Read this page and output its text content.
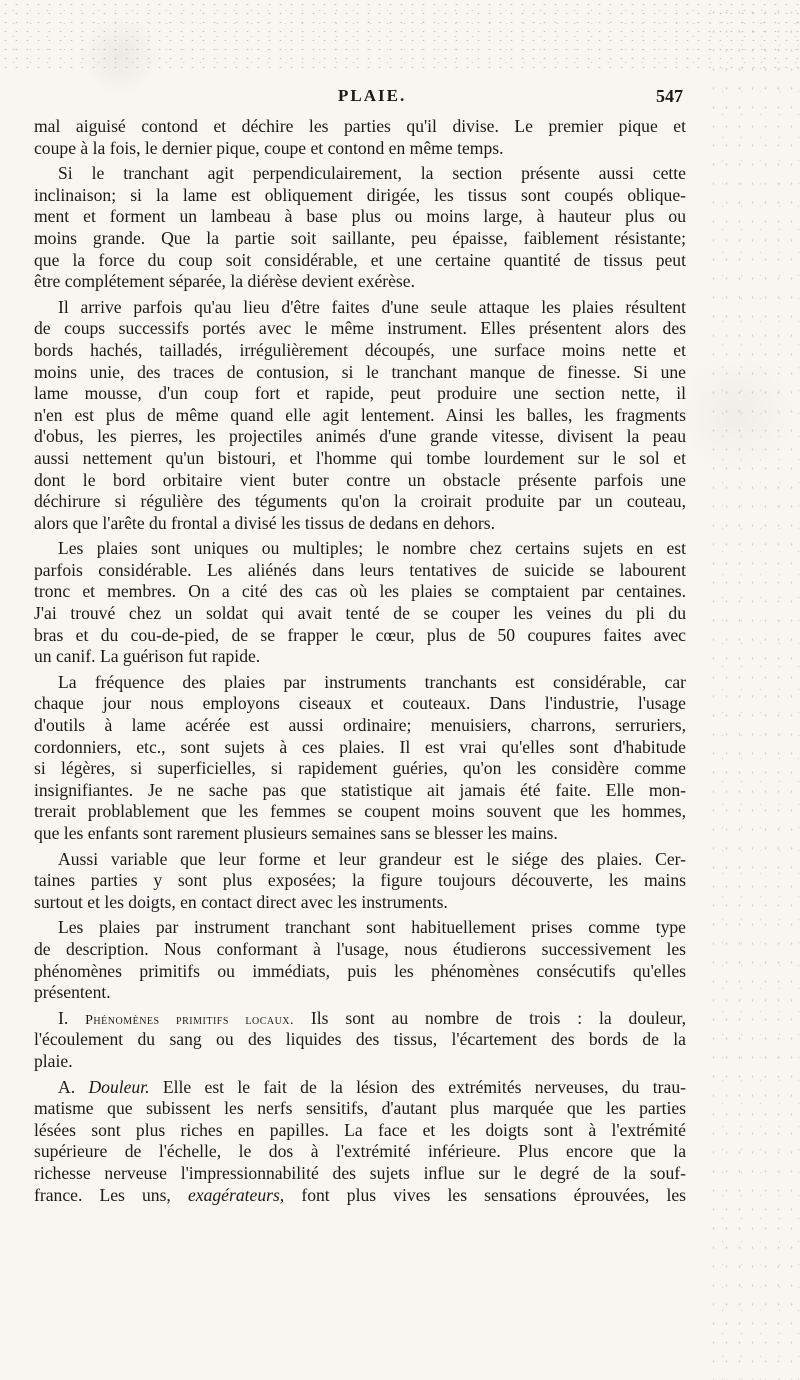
PLAIE.	547
mal aiguisé contond et déchire les parties qu'il divise. Le premier pique et
coupe à la fois, le dernier pique, coupe et contond en même temps.
Si le tranchant agit perpendiculairement, la section présente aussi cette
inclinaison; si la lame est obliquement dirigée, les tissus sont coupés oblique-
ment et forment un lambeau à base plus ou moins large, à hauteur plus ou
moins grande. Que la partie soit saillante, peu épaisse, faiblement résistante;
que la force du coup soit considérable, et une certaine quantité de tissus peut
être complétement séparée, la diérèse devient exérèse.
Il arrive parfois qu'au lieu d'être faites d'une seule attaque les plaies résultent
de coups successifs portés avec le même instrument. Elles présentent alors des
bords hachés, tailladés, irrégulièrement découpés, une surface moins nette et
moins unie, des traces de contusion, si le tranchant manque de finesse. Si une
lame mousse, d'un coup fort et rapide, peut produire une section nette, il
n'en est plus de même quand elle agit lentement. Ainsi les balles, les fragments
d'obus, les pierres, les projectiles animés d'une grande vitesse, divisent la peau
aussi nettement qu'un bistouri, et l'homme qui tombe lourdement sur le sol et
dont le bord orbitaire vient buter contre un obstacle présente parfois une
déchirure si régulière des téguments qu'on la croirait produite par un couteau,
alors que l'arête du frontal a divisé les tissus de dedans en dehors.
Les plaies sont uniques ou multiples; le nombre chez certains sujets en est
parfois considérable. Les aliénés dans leurs tentatives de suicide se labourent
tronc et membres. On a cité des cas où les plaies se comptaient par centaines.
J'ai trouvé chez un soldat qui avait tenté de se couper les veines du pli du
bras et du cou-de-pied, de se frapper le cœur, plus de 50 coupures faites avec
un canif. La guérison fut rapide.
La fréquence des plaies par instruments tranchants est considérable, car
chaque jour nous employons ciseaux et couteaux. Dans l'industrie, l'usage
d'outils à lame acérée est aussi ordinaire; menuisiers, charrons, serruriers,
cordonniers, etc., sont sujets à ces plaies. Il est vrai qu'elles sont d'habitude
si légères, si superficielles, si rapidement guéries, qu'on les considère comme
insignifiantes. Je ne sache pas que statistique ait jamais été faite. Elle mon-
trerait problablement que les femmes se coupent moins souvent que les hommes,
que les enfants sont rarement plusieurs semaines sans se blesser les mains.
Aussi variable que leur forme et leur grandeur est le siége des plaies. Cer-
taines parties y sont plus exposées; la figure toujours découverte, les mains
surtout et les doigts, en contact direct avec les instruments.
Les plaies par instrument tranchant sont habituellement prises comme type
de description. Nous conformant à l'usage, nous étudierons successivement les
phénomènes primitifs ou immédiats, puis les phénomènes consécutifs qu'elles
présentent.
I. Phénomènes primitifs locaux. Ils sont au nombre de trois : la douleur,
l'écoulement du sang ou des liquides des tissus, l'écartement des bords de la
plaie.
A. Douleur. Elle est le fait de la lésion des extrémités nerveuses, du trau-
matisme que subissent les nerfs sensitifs, d'autant plus marquée que les parties
lésées sont plus riches en papilles. La face et les doigts sont à l'extrémité
supérieure de l'échelle, le dos à l'extrémité inférieure. Plus encore que la
richesse nerveuse l'impressionnabilité des sujets influe sur le degré de la souf-
france. Les uns, exagérateurs, font plus vives les sensations éprouvées, les
